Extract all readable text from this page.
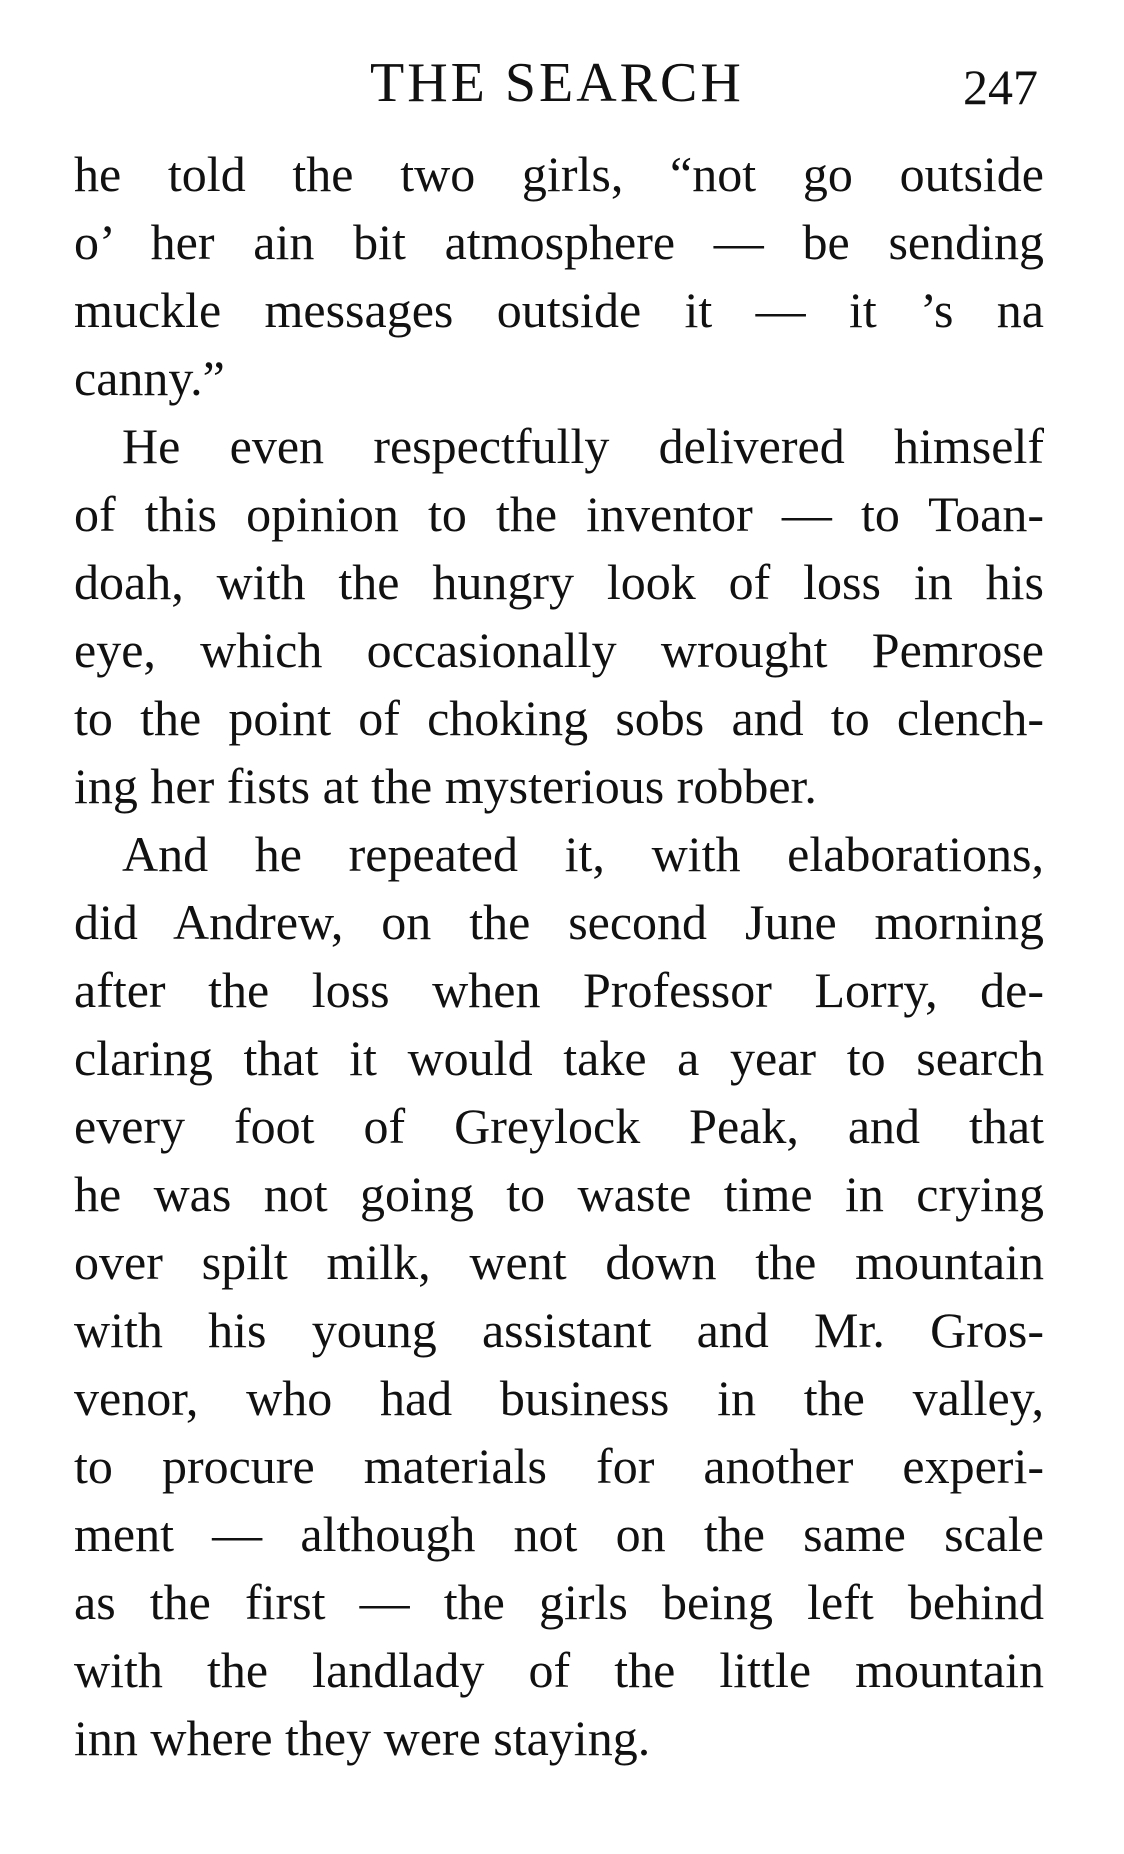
THE SEARCH	247
he told the two girls, “not go outside
o’ her ain bit atmosphere — be sending
muckle messages outside it — it ’s na
canny.”
He even respectfully delivered himself
of this opinion to the inventor — to Toan-
doah, with the hungry look of loss in his
eye, which occasionally wrought Pemrose
to the point of choking sobs and to clench-
ing her fists at the mysterious robber.
And he repeated it, with elaborations,
did Andrew, on the second June morning
after the loss when Professor Lorry, de-
claring that it would take a year to search
every foot of Greylock Peak, and that
he was not going to waste time in crying
over spilt milk, went down the mountain
with his young assistant and Mr. Gros-
venor, who had business in the valley,
to procure materials for another experi-
ment — although not on the same scale
as the first — the girls being left behind
with the landlady of the little mountain
inn where they were staying.
